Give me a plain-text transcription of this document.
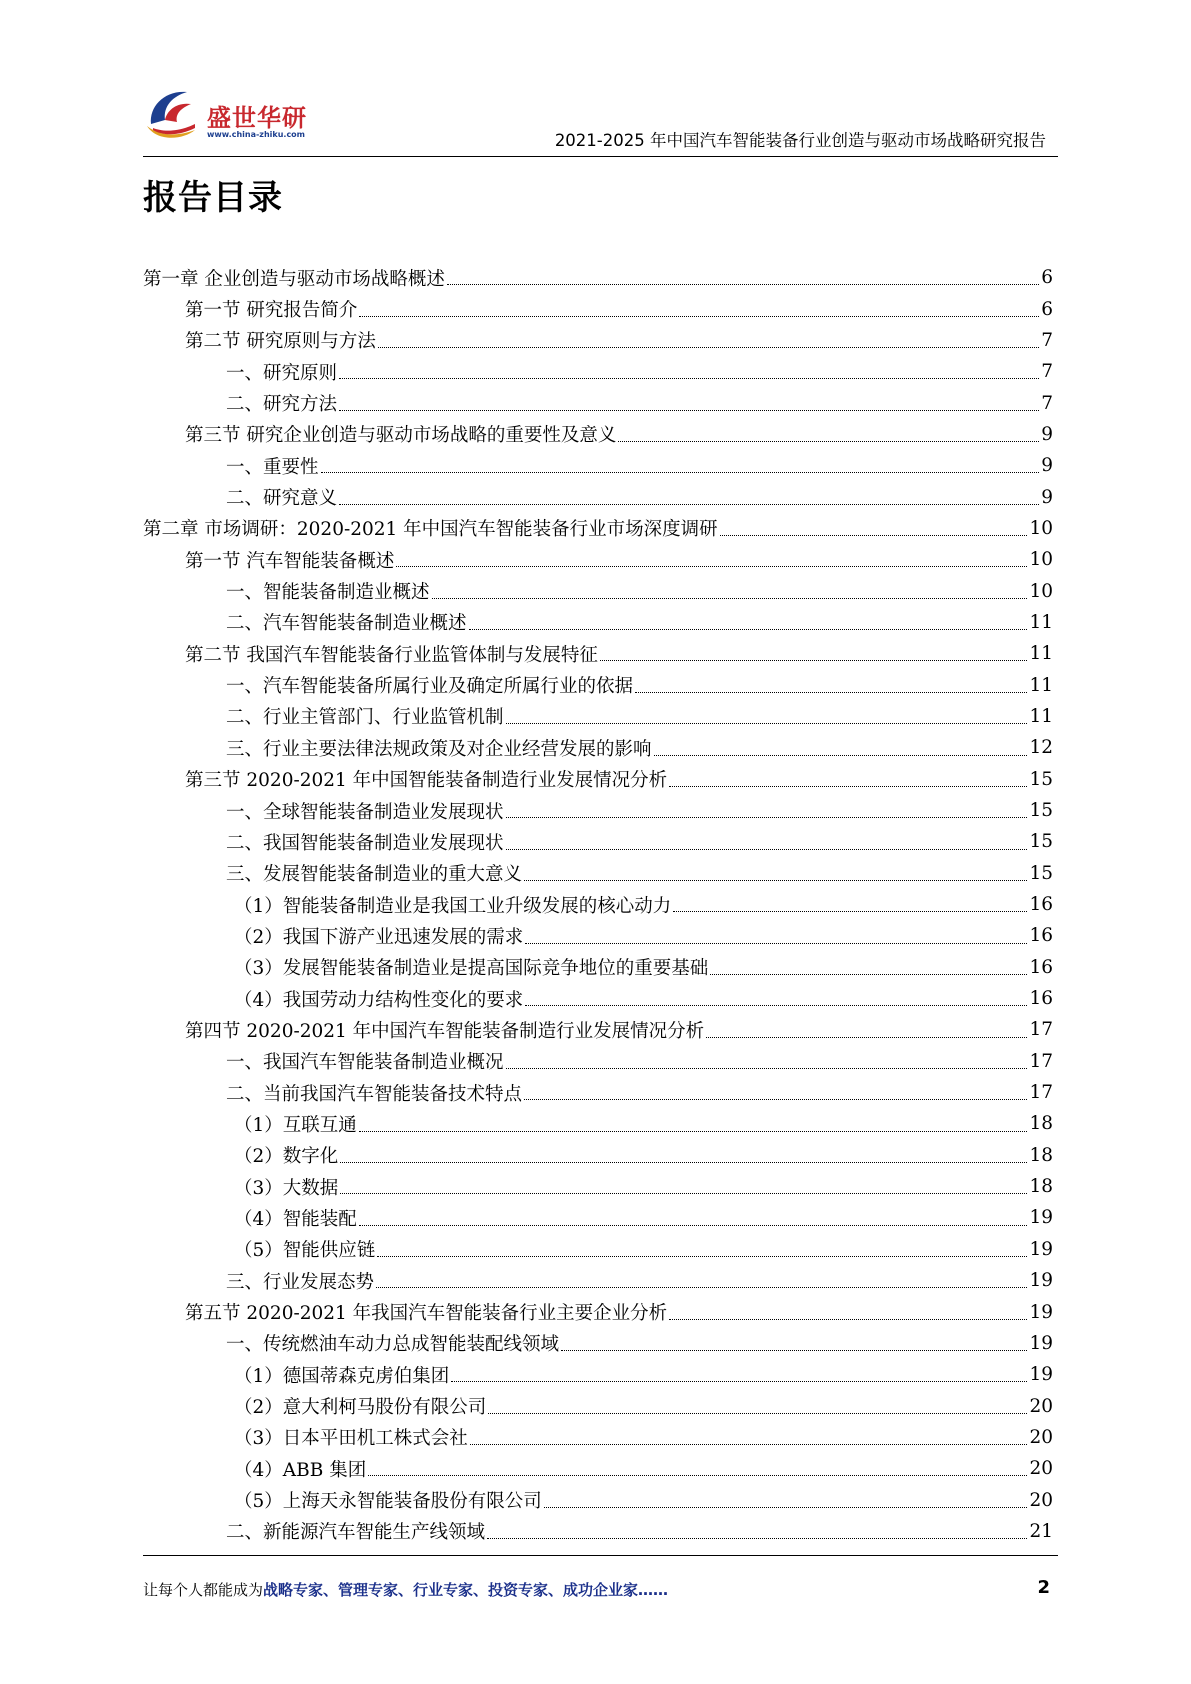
盛世华研
www.china-zhiku.com	2021-2025 年中国汽车智能装备行业创造与驱动市场战略研究报告
报告目录
第一章 企业创造与驱动市场战略概述	6
第一节 研究报告简介	6
第二节 研究原则与方法	7
一、研究原则	7
二、研究方法	7
第三节 研究企业创造与驱动市场战略的重要性及意义	9
一、重要性	9
二、研究意义	9
第二章 市场调研：2020-2021 年中国汽车智能装备行业市场深度调研	10
第一节 汽车智能装备概述	10
一、智能装备制造业概述	10
二、汽车智能装备制造业概述	11
第二节 我国汽车智能装备行业监管体制与发展特征	11
一、汽车智能装备所属行业及确定所属行业的依据	11
二、行业主管部门、行业监管机制	11
三、行业主要法律法规政策及对企业经营发展的影响	12
第三节 2020-2021 年中国智能装备制造行业发展情况分析	15
一、全球智能装备制造业发展现状	15
二、我国智能装备制造业发展现状	15
三、发展智能装备制造业的重大意义	15
（1）智能装备制造业是我国工业升级发展的核心动力	16
（2）我国下游产业迅速发展的需求	16
（3）发展智能装备制造业是提高国际竞争地位的重要基础	16
（4）我国劳动力结构性变化的要求	16
第四节 2020-2021 年中国汽车智能装备制造行业发展情况分析	17
一、我国汽车智能装备制造业概况	17
二、当前我国汽车智能装备技术特点	17
（1）互联互通	18
（2）数字化	18
（3）大数据	18
（4）智能装配	19
（5）智能供应链	19
三、行业发展态势	19
第五节 2020-2021 年我国汽车智能装备行业主要企业分析	19
一、传统燃油车动力总成智能装配线领域	19
（1）德国蒂森克虏伯集团	19
（2）意大利柯马股份有限公司	20
（3）日本平田机工株式会社	20
（4）ABB 集团	20
（5）上海天永智能装备股份有限公司	20
二、新能源汽车智能生产线领域	21
让每个人都能成为战略专家、管理专家、行业专家、投资专家、成功企业家……	2
